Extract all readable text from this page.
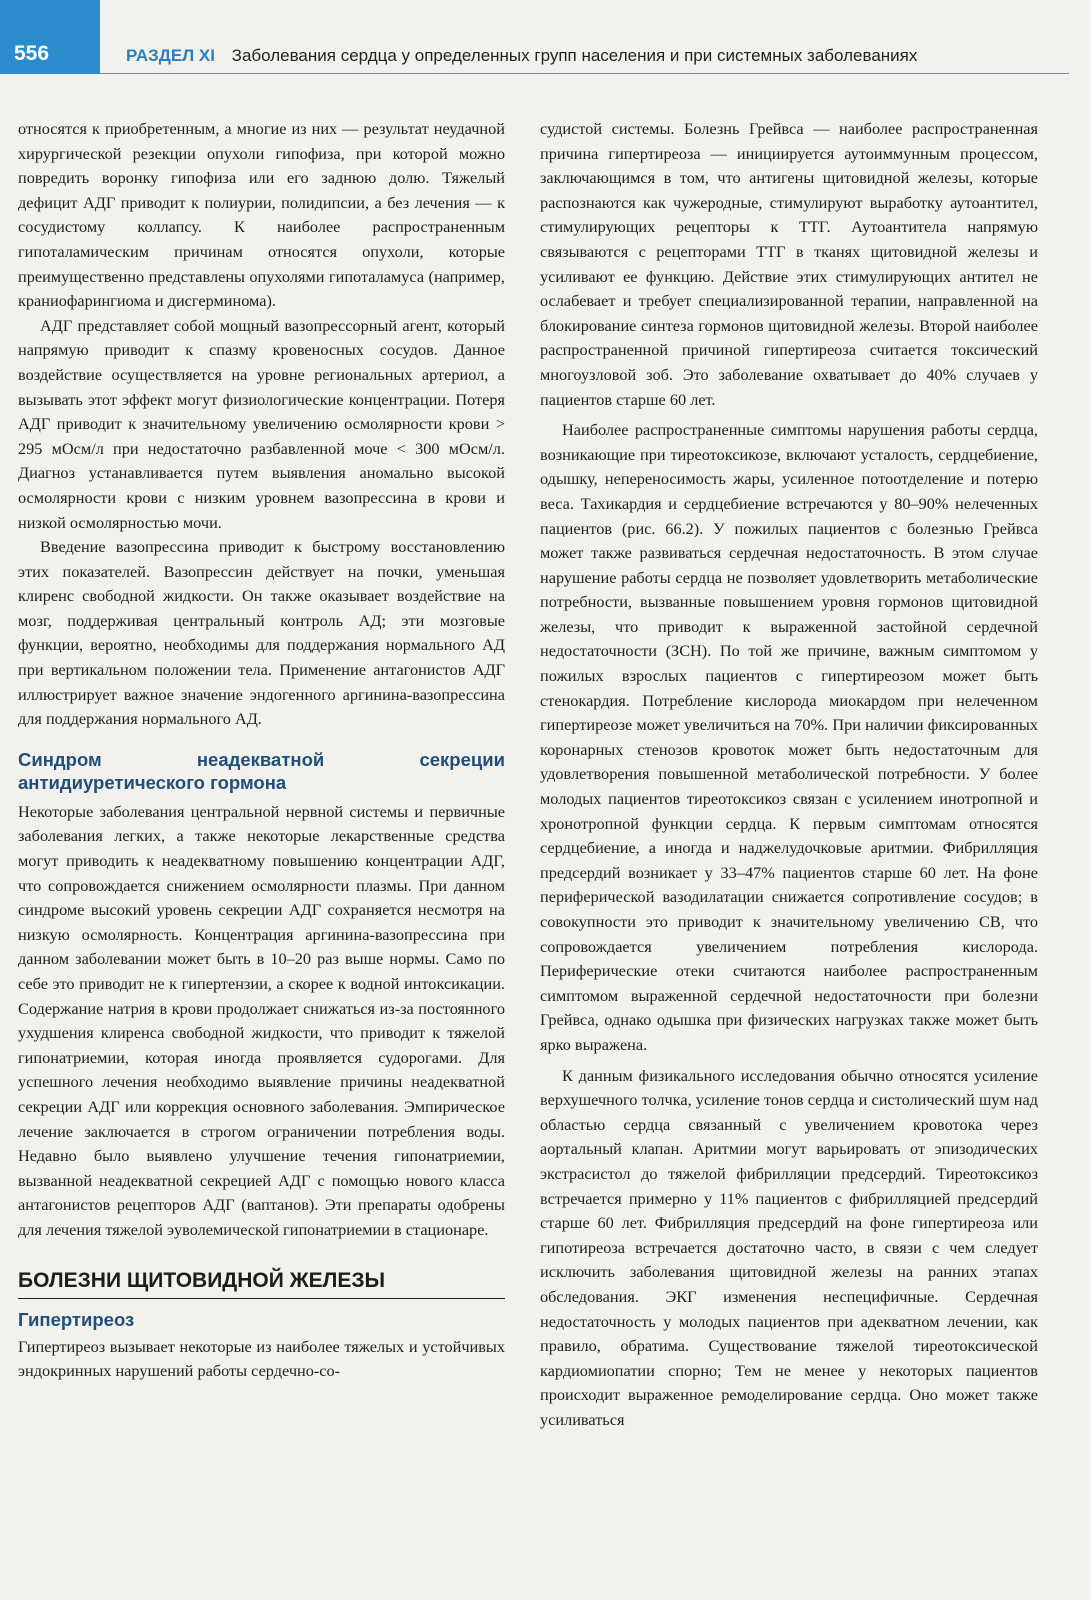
556	РАЗДЕЛ XI Заболевания сердца у определенных групп населения и при системных заболеваниях

относятся к приобретенным, а многие из них — результат неудачной хирургической резекции опухоли гипофиза, при которой можно повредить воронку гипофиза или его заднюю долю. Тяжелый дефицит АДГ приводит к полиурии, полидипсии, а без лечения — к сосудистому коллапсу. К наиболее распространенным гипоталамическим причинам относятся опухоли, которые преимущественно представлены опухолями гипоталамуса (например, краниофарингиома и дисгерминома).

АДГ представляет собой мощный вазопрессорный агент, который напрямую приводит к спазму кровеносных сосудов. Данное воздействие осуществляется на уровне региональных артериол, а вызывать этот эффект могут физиологические концентрации. Потеря АДГ приводит к значительному увеличению осмолярности крови > 295 мОсм/л при недостаточно разбавленной моче < 300 мОсм/л. Диагноз устанавливается путем выявления аномально высокой осмолярности крови с низким уровнем вазопрессина в крови и низкой осмолярностью мочи.

Введение вазопрессина приводит к быстрому восстановлению этих показателей. Вазопрессин действует на почки, уменьшая клиренс свободной жидкости. Он также оказывает воздействие на мозг, поддерживая центральный контроль АД; эти мозговые функции, вероятно, необходимы для поддержания нормального АД при вертикальном положении тела. Применение антагонистов АДГ иллюстрирует важное значение эндогенного аргинина-вазопрессина для поддержания нормального АД.

Синдром неадекватной секреции антидиуретического гормона

Некоторые заболевания центральной нервной системы и первичные заболевания легких, а также некоторые лекарственные средства могут приводить к неадекватному повышению концентрации АДГ, что сопровождается снижением осмолярности плазмы. При данном синдроме высокий уровень секреции АДГ сохраняется несмотря на низкую осмолярность. Концентрация аргинина-вазопрессина при данном заболевании может быть в 10–20 раз выше нормы. Само по себе это приводит не к гипертензии, а скорее к водной интоксикации. Содержание натрия в крови продолжает снижаться из-за постоянного ухудшения клиренса свободной жидкости, что приводит к тяжелой гипонатриемии, которая иногда проявляется судорогами. Для успешного лечения необходимо выявление причины неадекватной секреции АДГ или коррекция основного заболевания. Эмпирическое лечение заключается в строгом ограничении потребления воды. Недавно было выявлено улучшение течения гипонатриемии, вызванной неадекватной секрецией АДГ с помощью нового класса антагонистов рецепторов АДГ (ваптанов). Эти препараты одобрены для лечения тяжелой эуволемической гипонатриемии в стационаре.

БОЛЕЗНИ ЩИТОВИДНОЙ ЖЕЛЕЗЫ
Гипертиреоз

Гипертиреоз вызывает некоторые из наиболее тяжелых и устойчивых эндокринных нарушений работы сердечно-со-

судистой системы. Болезнь Грейвса — наиболее распространенная причина гипертиреоза — инициируется аутоиммунным процессом, заключающимся в том, что антигены щитовидной железы, которые распознаются как чужеродные, стимулируют выработку аутоантител, стимулирующих рецепторы к ТТГ. Аутоантитела напрямую связываются с рецепторами ТТГ в тканях щитовидной железы и усиливают ее функцию. Действие этих стимулирующих антител не ослабевает и требует специализированной терапии, направленной на блокирование синтеза гормонов щитовидной железы. Второй наиболее распространенной причиной гипертиреоза считается токсический многоузловой зоб. Это заболевание охватывает до 40% случаев у пациентов старше 60 лет.

Наиболее распространенные симптомы нарушения работы сердца, возникающие при тиреотоксикозе, включают усталость, сердцебиение, одышку, непереносимость жары, усиленное потоотделение и потерю веса. Тахикардия и сердцебиение встречаются у 80–90% нелеченных пациентов (рис. 66.2). У пожилых пациентов с болезнью Грейвса может также развиваться сердечная недостаточность. В этом случае нарушение работы сердца не позволяет удовлетворить метаболические потребности, вызванные повышением уровня гормонов щитовидной железы, что приводит к выраженной застойной сердечной недостаточности (ЗСН). По той же причине, важным симптомом у пожилых взрослых пациентов с гипертиреозом может быть стенокардия. Потребление кислорода миокардом при нелеченном гипертиреозе может увеличиться на 70%. При наличии фиксированных коронарных стенозов кровоток может быть недостаточным для удовлетворения повышенной метаболической потребности. У более молодых пациентов тиреотоксикоз связан с усилением инотропной и хронотропной функции сердца. К первым симптомам относятся сердцебиение, а иногда и наджелудочковые аритмии. Фибрилляция предсердий возникает у 33–47% пациентов старше 60 лет. На фоне периферической вазодилатации снижается сопротивление сосудов; в совокупности это приводит к значительному увеличению СВ, что сопровождается увеличением потребления кислорода. Периферические отеки считаются наиболее распространенным симптомом выраженной сердечной недостаточности при болезни Грейвса, однако одышка при физических нагрузках также может быть ярко выражена.

К данным физикального исследования обычно относятся усиление верхушечного толчка, усиление тонов сердца и систолический шум над областью сердца связанный с увеличением кровотока через аортальный клапан. Аритмии могут варьировать от эпизодических экстрасистол до тяжелой фибрилляции предсердий. Тиреотоксикоз встречается примерно у 11% пациентов с фибрилляцией предсердий старше 60 лет. Фибрилляция предсердий на фоне гипертиреоза или гипотиреоза встречается достаточно часто, в связи с чем следует исключить заболевания щитовидной железы на ранних этапах обследования. ЭКГ изменения неспецифичные. Сердечная недостаточность у молодых пациентов при адекватном лечении, как правило, обратима. Существование тяжелой тиреотоксической кардиомиопатии спорно; Тем не менее у некоторых пациентов происходит выраженное ремоделирование сердца. Оно может также усиливаться
